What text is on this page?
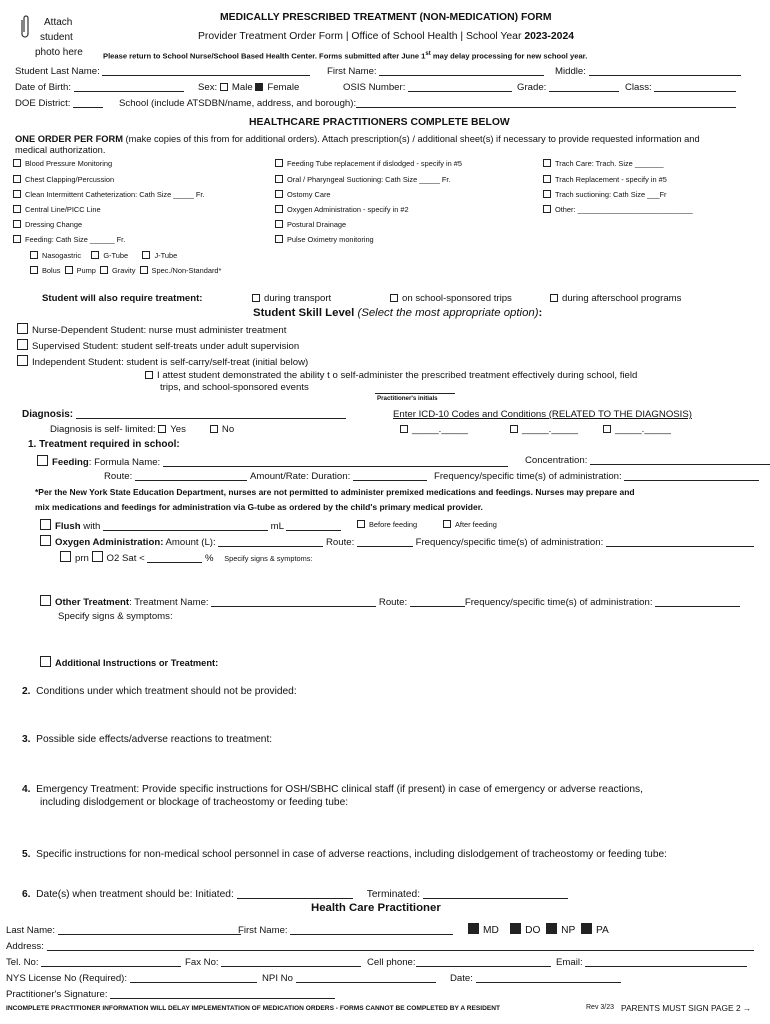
Attach
student
photo here
MEDICALLY PRESCRIBED TREATMENT (NON-MEDICATION) FORM
Provider Treatment Order Form | Office of School Health | School Year 2023-2024
Please return to School Nurse/School Based Health Center. Forms submitted after June 1st may delay processing for new school year.
Student Last Name:	First Name:	Middle:
Date of Birth:	Sex: Male Female	OSIS Number:	Grade:	Class:
DOE District:	School (include ATSDBN/name, address, and borough):
HEALTHCARE PRACTITIONERS COMPLETE BELOW
ONE ORDER PER FORM (make copies of this from for additional orders). Attach prescription(s) / additional sheet(s) if necessary to provide requested information and
medical authorization.
Blood Pressure Monitoring
Chest Clapping/Percussion
Clean Intermittent Catheterization: Cath Size _____ Fr.
Central Line/PICC Line
Dressing Change
Feeding: Cath Size ______ Fr.
Nasogastric	G-Tube	J-Tube
Bolus Pump Gravity Spec./Non-Standard*
Feeding Tube replacement if dislodged - specify in #5
Oral / Pharyngeal Suctioning: Cath Size _____ Fr.
Ostomy Care
Oxygen Administration - specify in #2
Postural Drainage
Pulse Oximetry monitoring
Trach Care: Trach. Size _______
Trach Replacement - specify in #5
Trach suctioning: Cath Size ___Fr
Other: ____________________________
Student will also require treatment:	during transport	on school-sponsored trips	during afterschool programs
Student Skill Level (Select the most appropriate option):
Nurse-Dependent Student: nurse must administer treatment
Supervised Student: student self-treats under adult supervision
Independent Student: student is self-carry/self-treat (initial below)
I attest student demonstrated the ability t o self-administer the prescribed treatment effectively during school, field
trips, and school-sponsored events
Practitioner's initials
Diagnosis:	Enter ICD-10 Codes and Conditions (RELATED TO THE DIAGNOSIS)
Diagnosis is self- limited: Yes	No	_____._____	_____._____	_____._____
1. Treatment required in school:
Feeding: Formula Name:	Concentration:
Route:	Amount/Rate: Duration:	Frequency/specific time(s) of administration:
*Per the New York State Education Department, nurses are not permitted to administer premixed medications and feedings. Nurses may prepare and
mix medications and feedings for administration via G-tube as ordered by the child's primary medical provider.
Flush with	mL	Before feeding	After feeding
Oxygen Administration: Amount (L):	Route:	Frequency/specific time(s) of administration:
prn O2 Sat <	% Specify signs & symptoms:
Other Treatment: Treatment Name:	Route:	Frequency/specific time(s) of administration:
Specify signs & symptoms:
Additional Instructions or Treatment:
2. Conditions under which treatment should not be provided:
3. Possible side effects/adverse reactions to treatment:
4. Emergency Treatment: Provide specific instructions for OSH/SBHC clinical staff (if present) in case of emergency or adverse reactions,
including dislodgement or blockage of tracheostomy or feeding tube:
5. Specific instructions for non-medical school personnel in case of adverse reactions, including dislodgement of tracheostomy or feeding tube:
6. Date(s) when treatment should be: Initiated:	Terminated:
Health Care Practitioner
Last Name:	First Name:	MD	DO NP PA
Address:
Tel. No:	Fax No:	Cell phone:	Email:
NYS License No (Required):	NPI No	Date:
Practitioner's Signature:
INCOMPLETE PRACTITIONER INFORMATION WILL DELAY IMPLEMENTATION OF MEDICATION ORDERS - FORMS CANNOT BE COMPLETED BY A RESIDENT	Rev 3/23 PARENTS MUST SIGN PAGE 2 →
